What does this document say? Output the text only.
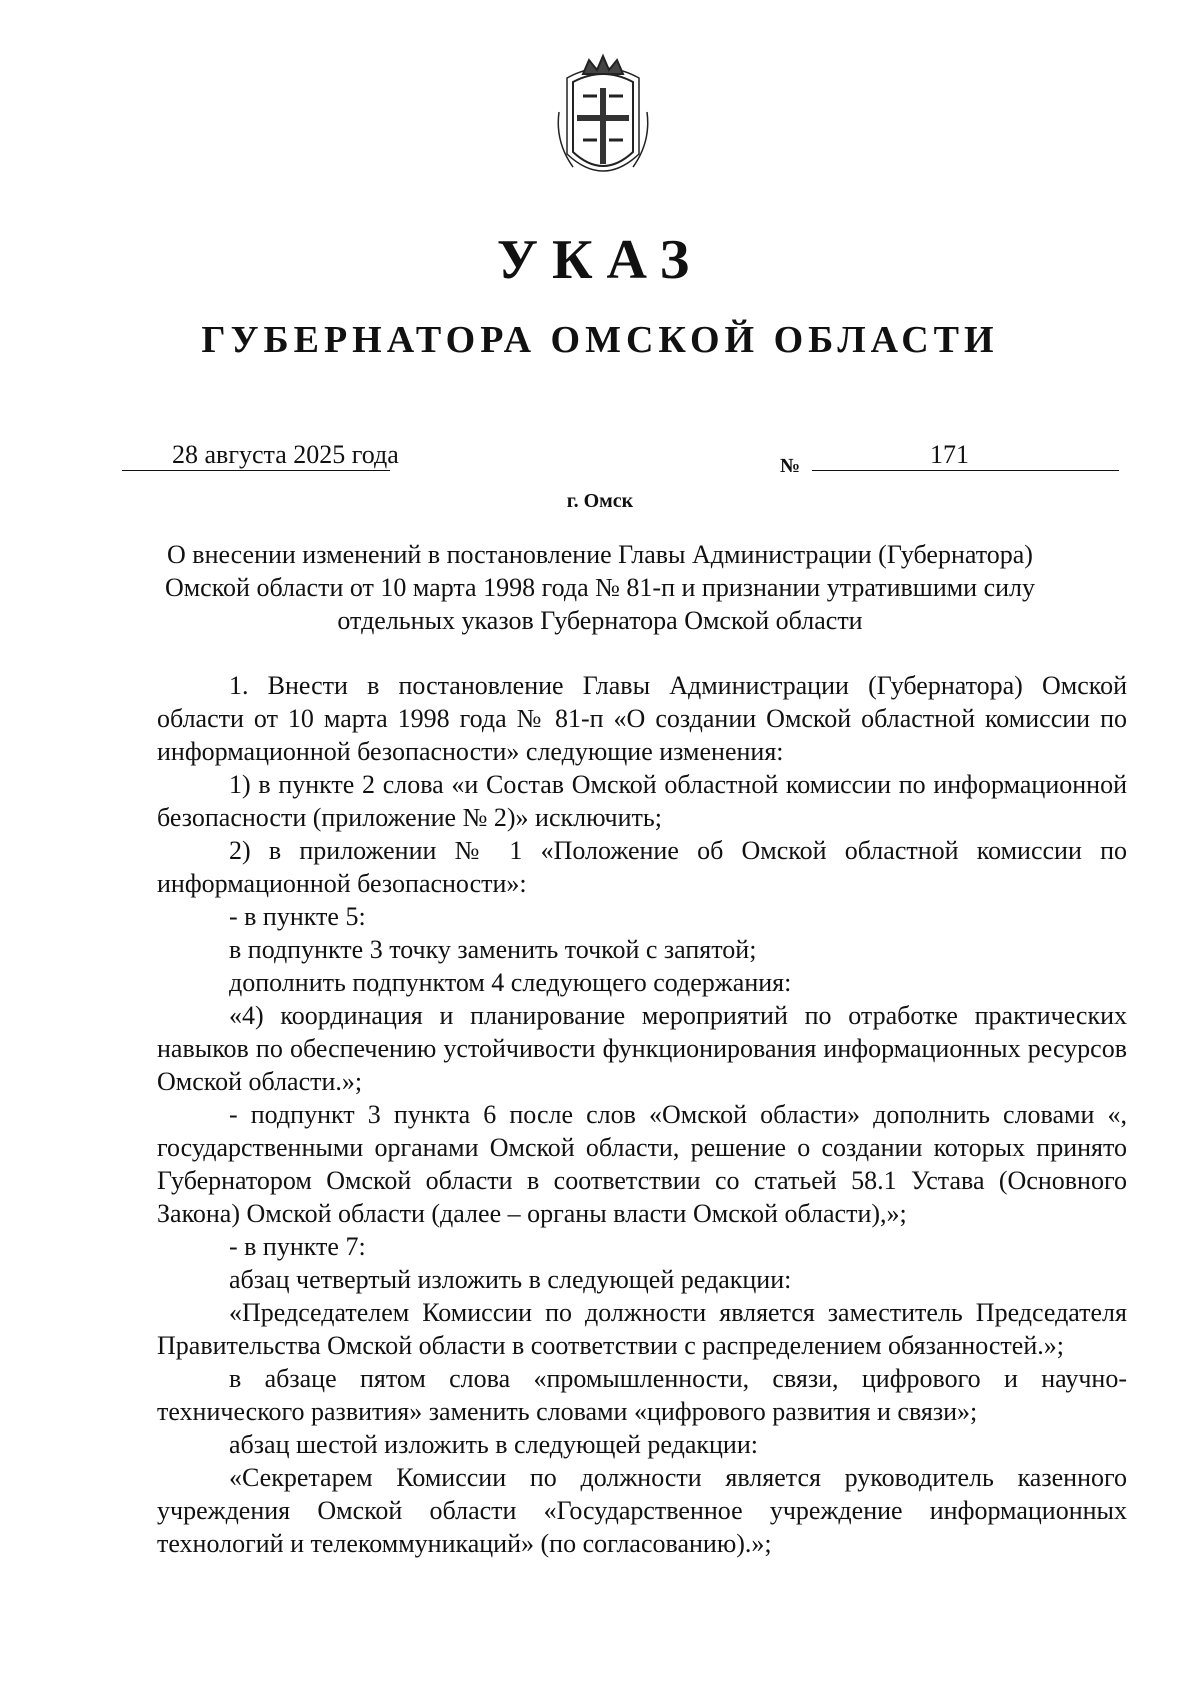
УКАЗ
ГУБЕРНАТОРА ОМСКОЙ ОБЛАСТИ
28 августа 2025 года	№	171
г. Омск
О внесении изменений в постановление Главы Администрации (Губернатора) Омской области от 10 марта 1998 года № 81-п и признании утратившими силу отдельных указов Губернатора Омской области

1. Внести в постановление Главы Администрации (Губернатора) Омской области от 10 марта 1998 года № 81-п «О создании Омской областной комиссии по информационной безопасности» следующие изменения:

1) в пункте 2 слова «и Состав Омской областной комиссии по информационной безопасности (приложение № 2)» исключить;

2) в приложении № 1 «Положение об Омской областной комиссии по информационной безопасности»:

- в пункте 5:

в подпункте 3 точку заменить точкой с запятой;

дополнить подпунктом 4 следующего содержания:

«4) координация и планирование мероприятий по отработке практических навыков по обеспечению устойчивости функционирования информационных ресурсов Омской области.»;

- подпункт 3 пункта 6 после слов «Омской области» дополнить словами «, государственными органами Омской области, решение о создании которых принято Губернатором Омской области в соответствии со статьей 58.1 Устава (Основного Закона) Омской области (далее – органы власти Омской области),»;

- в пункте 7:

абзац четвертый изложить в следующей редакции:

«Председателем Комиссии по должности является заместитель Председателя Правительства Омской области в соответствии с распределением обязанностей.»;

в абзаце пятом слова «промышленности, связи, цифрового и научно-технического развития» заменить словами «цифрового развития и связи»;

абзац шестой изложить в следующей редакции:

«Секретарем Комиссии по должности является руководитель казенного учреждения Омской области «Государственное учреждение информационных технологий и телекоммуникаций» (по согласованию).»;
